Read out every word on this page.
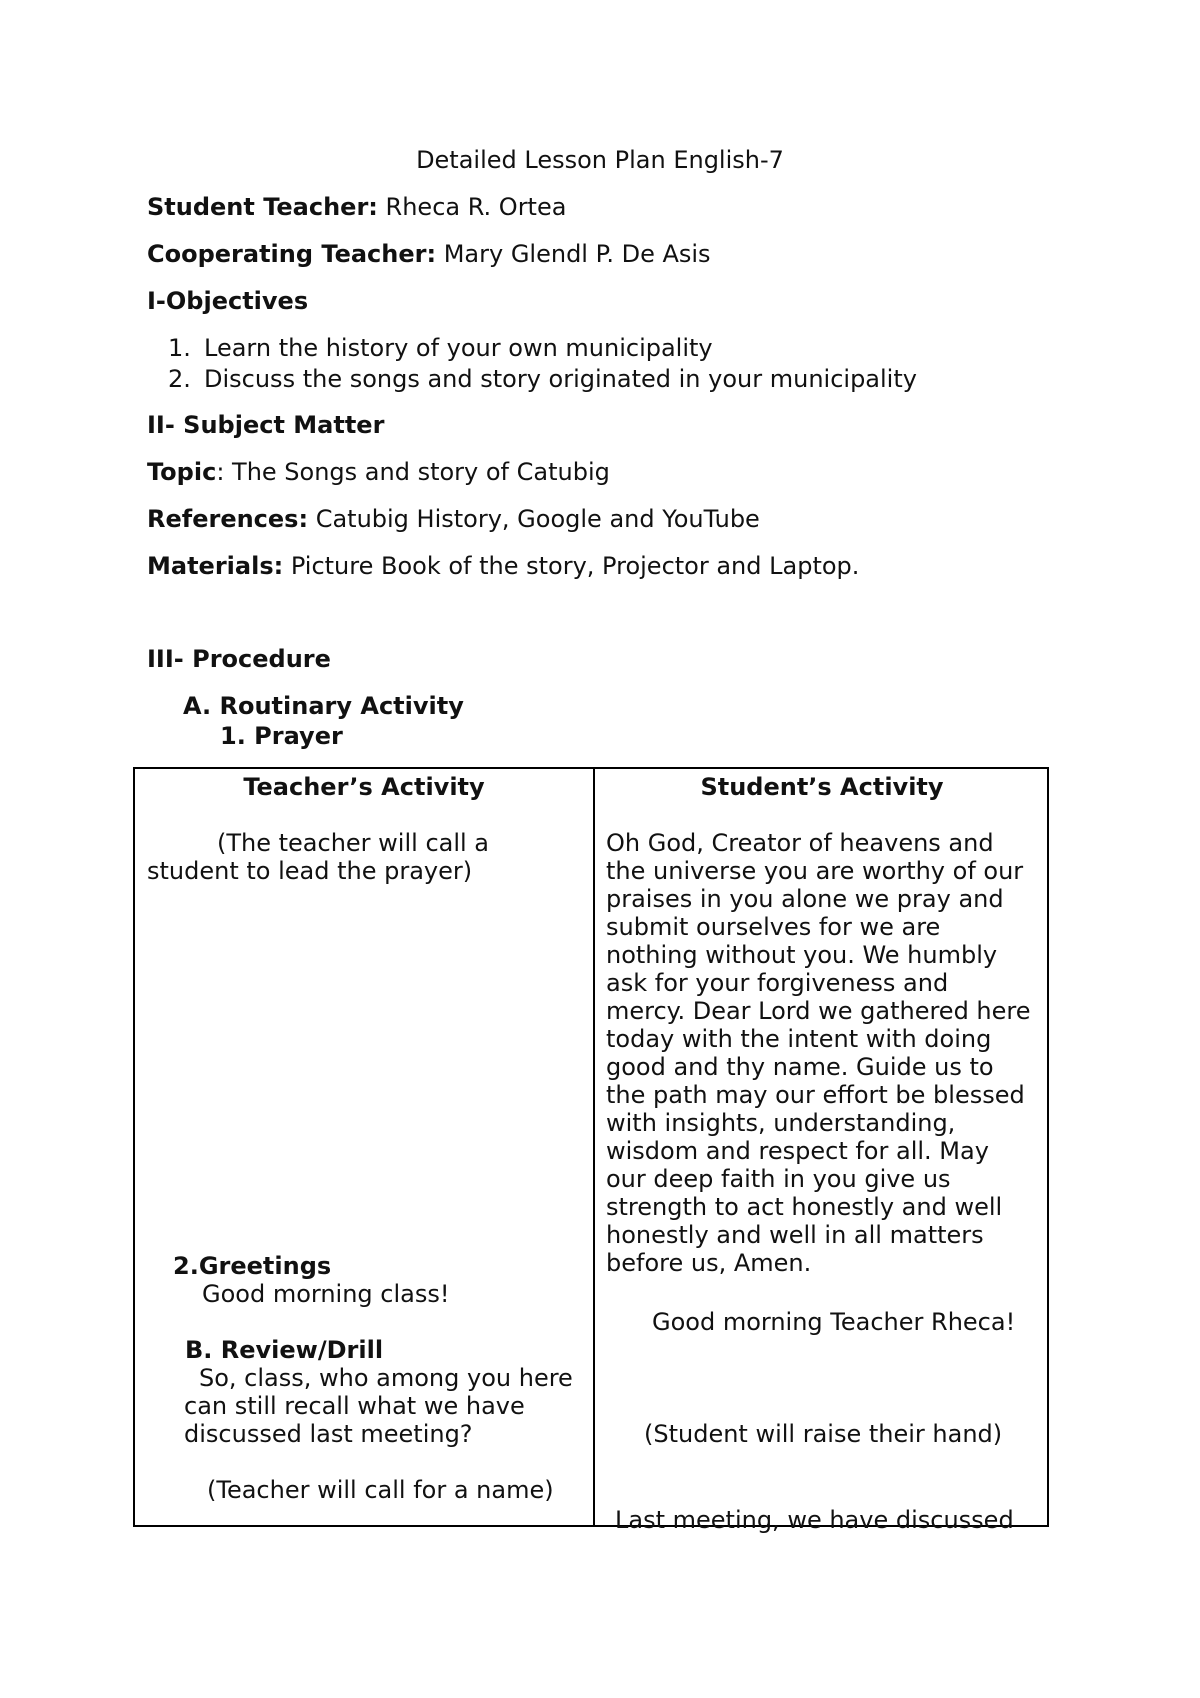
Detailed Lesson Plan English-7

Student Teacher: Rheca R. Ortea

Cooperating Teacher: Mary Glendl P. De Asis

I-Objectives

1. Learn the history of your own municipality
2. Discuss the songs and story originated in your municipality

II- Subject Matter

Topic: The Songs and story of Catubig

References: Catubig History, Google and YouTube

Materials: Picture Book of the story, Projector and Laptop.

III- Procedure

A. Routinary Activity

1. Prayer

Teacher’s Activity	Student’s Activity
(The teacher will call a
student to lead the prayer)
2.Greetings
Good morning class!
B. Review/Drill
So, class, who among you here
can still recall what we have
discussed last meeting?
(Teacher will call for a name)
Oh God, Creator of heavens and
the universe you are worthy of our
praises in you alone we pray and
submit ourselves for we are
nothing without you. We humbly
ask for your forgiveness and
mercy. Dear Lord we gathered here
today with the intent with doing
good and thy name. Guide us to
the path may our effort be blessed
with insights, understanding,
wisdom and respect for all. May
our deep faith in you give us
strength to act honestly and well
honestly and well in all matters
before us, Amen.
Good morning Teacher Rheca!
(Student will raise their hand)
Last meeting, we have discussed
